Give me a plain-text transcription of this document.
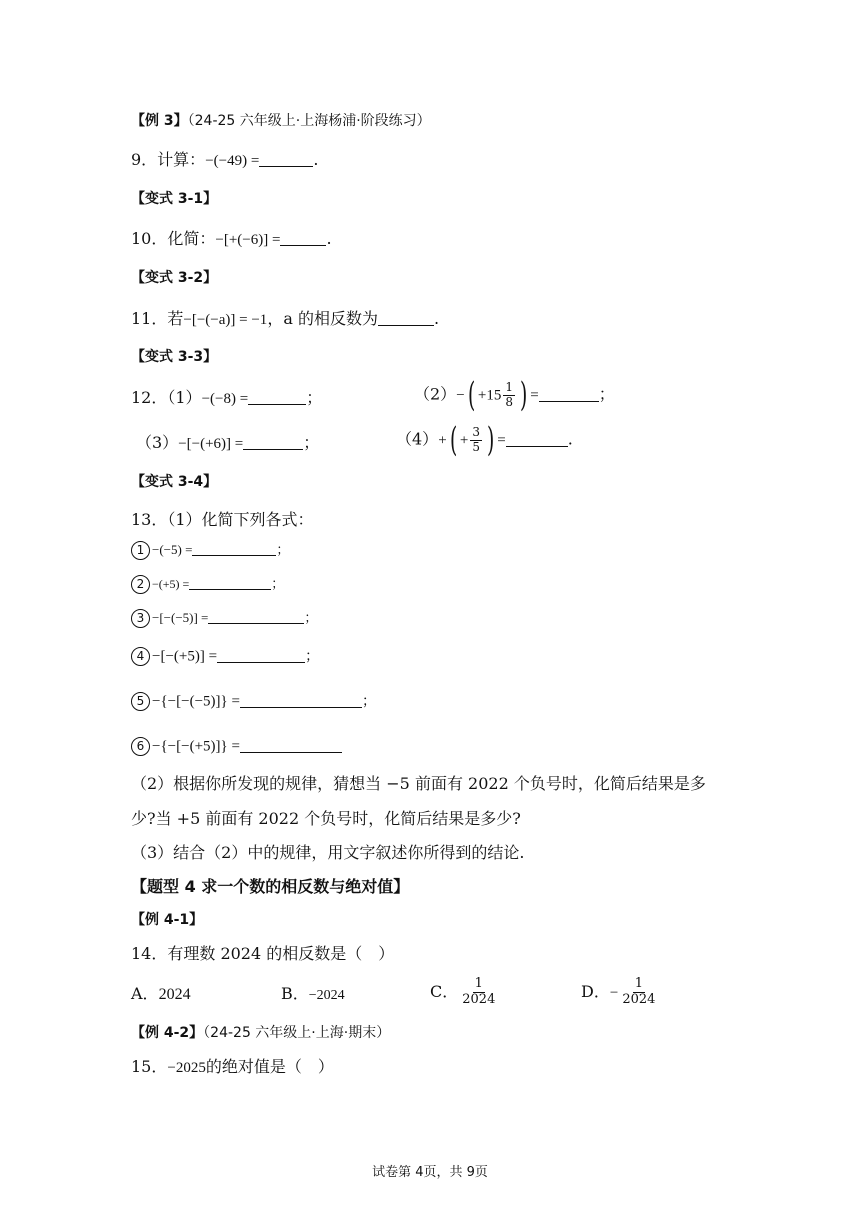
【例 3】（24-25 六年级上·上海杨浦·阶段练习）
9．计算：−(−49) =	.
【变式 3-1】
10．化简：−[+(−6)] =	.
【变式 3-2】
11．若−[−(−a)] = −1，a 的相反数为	.
【变式 3-3】
12．（1）−(−8) =	；	$(2)-( +15 \frac{1}{8}$ ) =	；
（3）−[−(+6)] =	；	$(4)+( + \frac{3}{5}$ ) =	.
【变式 3-4】
13．（1）化简下列各式：
1 −(−5) =	；
2 −(+5) =	；
3 −[−(−5)] =	；
4 −[−(+5)] =	；
5 −{−[−(−5)]} =	；
6 −{−[−(+5)]} =
（2）根据你所发现的规律，猜想当 −5 前面有 2022 个负号时，化简后结果是多
少?当 +5 前面有 2022 个负号时，化简后结果是多少?
（3）结合（2）中的规律，用文字叙述你所得到的结论.
【题型 4 求一个数的相反数与绝对值】
【例 4-1】
14．有理数 2024 的相反数是（　）
A．2024	B．−2024	C． $\frac{1}{2024}$	D．− $\frac{1}{2024}$
【例 4-2】（24-25 六年级上·上海·期末）
15．−2025的绝对值是（　）
试卷第 4页，共 9页
